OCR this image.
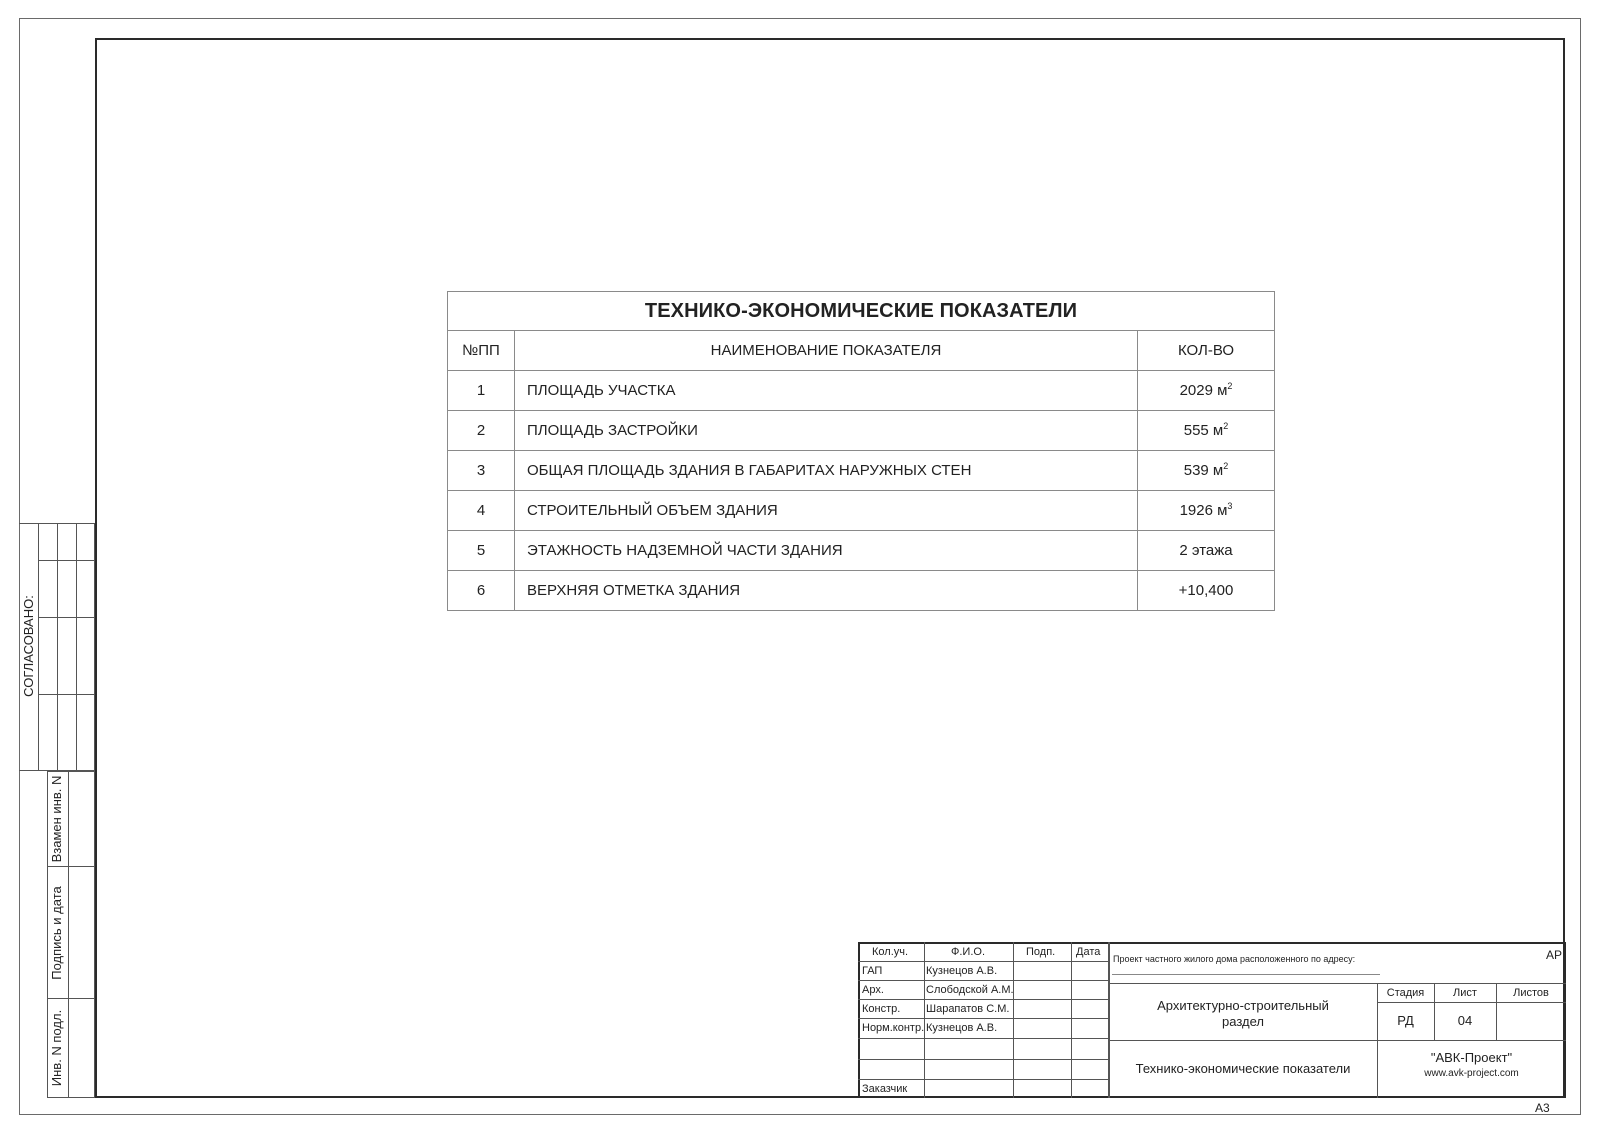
СОГЛАСОВАНО:
Взамен инв. N
Подпись и дата
Инв. N подл.
ТЕХНИКО-ЭКОНОМИЧЕСКИЕ ПОКАЗАТЕЛИ		
№ПП	НАИМЕНОВАНИЕ ПОКАЗАТЕЛЯ	КОЛ-ВО
1	ПЛОЩАДЬ УЧАСТКА	2029 $м^2$
2	ПЛОЩАДЬ ЗАСТРОЙКИ	555 $м^2$
3	ОБЩАЯ ПЛОЩАДЬ ЗДАНИЯ В ГАБАРИТАХ НАРУЖНЫХ СТЕН	539 $м^2$
4	СТРОИТЕЛЬНЫЙ ОБЪЕМ ЗДАНИЯ	1926 $м^3$
5	ЭТАЖНОСТЬ НАДЗЕМНОЙ ЧАСТИ ЗДАНИЯ	2 этажа
6	ВЕРХНЯЯ ОТМЕТКА ЗДАНИЯ	+10,400
Кол.уч.	Ф.И.О.	Подп. Дата
ГАП	Кузнецов А.В.
Арх.	Слободской А.М.
Констр. Шарапатов С.М.
Норм.контр. Кузнецов А.В.
Заказчик
Проект частного жилого дома расположенного по адресу:	АР
Архитектурно-строительный
раздел
Технико-экономические показатели
Стадия	Лист	Листов
РД	04
"АВК-Проект"
www.avk-project.com
А3
